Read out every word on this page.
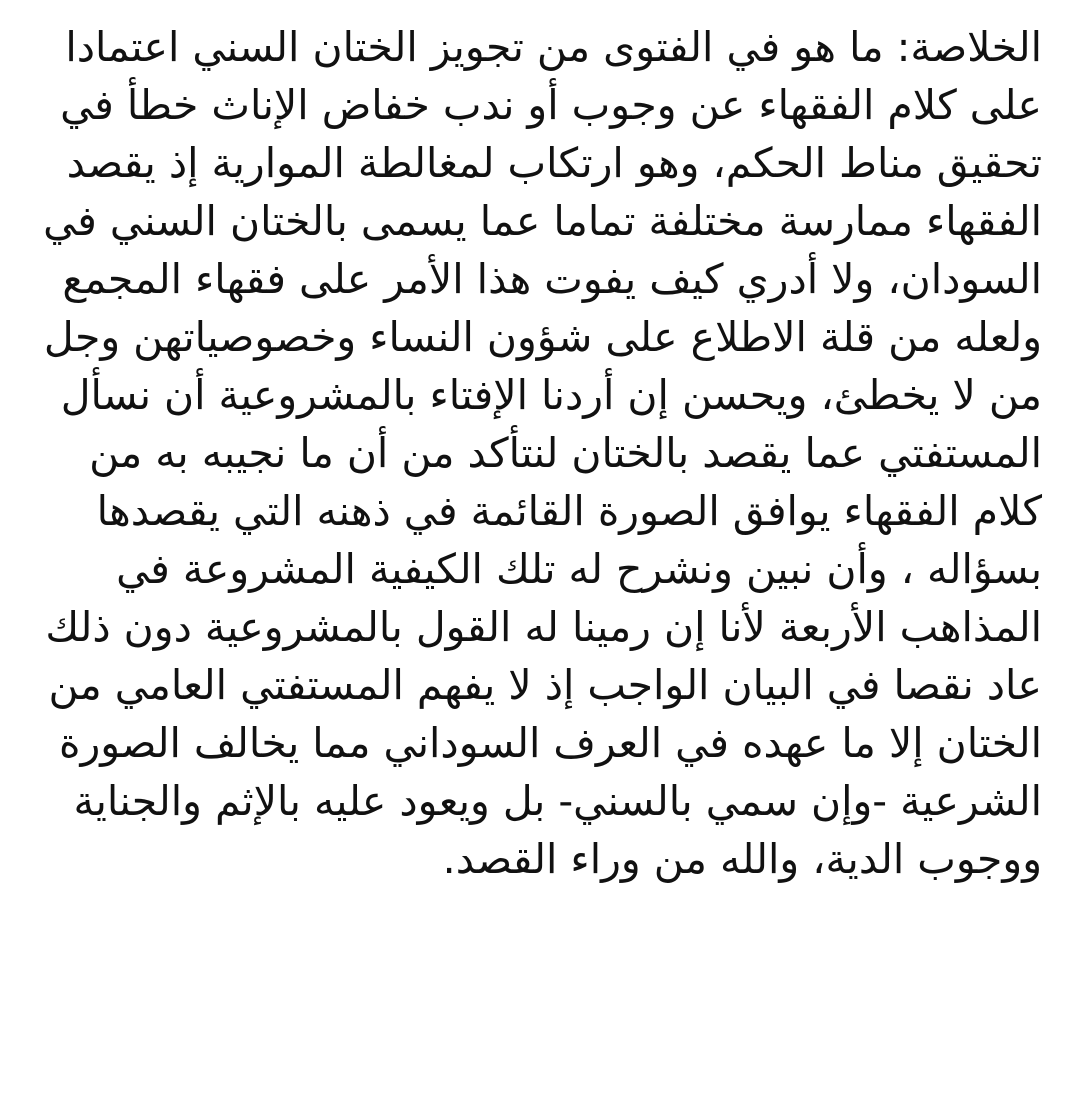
الخلاصة: ما هو في الفتوى من تجويز الختان السني اعتمادا
على كلام الفقهاء عن وجوب أو ندب خفاض الإناث خطأ في
تحقيق مناط الحكم، وهو ارتكاب لمغالطة الموارية إذ يقصد
الفقهاء ممارسة مختلفة تماما عما يسمى بالختان السني في
السودان، ولا أدري كيف يفوت هذا الأمر على فقهاء المجمع
ولعله من قلة الاطلاع على شؤون النساء وخصوصياتهن وجل
من لا يخطئ، ويحسن إن أردنا الإفتاء بالمشروعية أن نسأل
المستفتي عما يقصد بالختان لنتأكد من أن ما نجيبه به من
كلام الفقهاء يوافق الصورة القائمة في ذهنه التي يقصدها
بسؤاله ، وأن نبين ونشرح له تلك الكيفية المشروعة في
المذاهب الأربعة لأنا إن رمينا له القول بالمشروعية دون ذلك
عاد نقصا في البيان الواجب إذ لا يفهم المستفتي العامي من
الختان إلا ما عهده في العرف السوداني مما يخالف الصورة
الشرعية -وإن سمي بالسني- بل ويعود عليه بالإثم والجناية
ووجوب الدية، والله من وراء القصد.
